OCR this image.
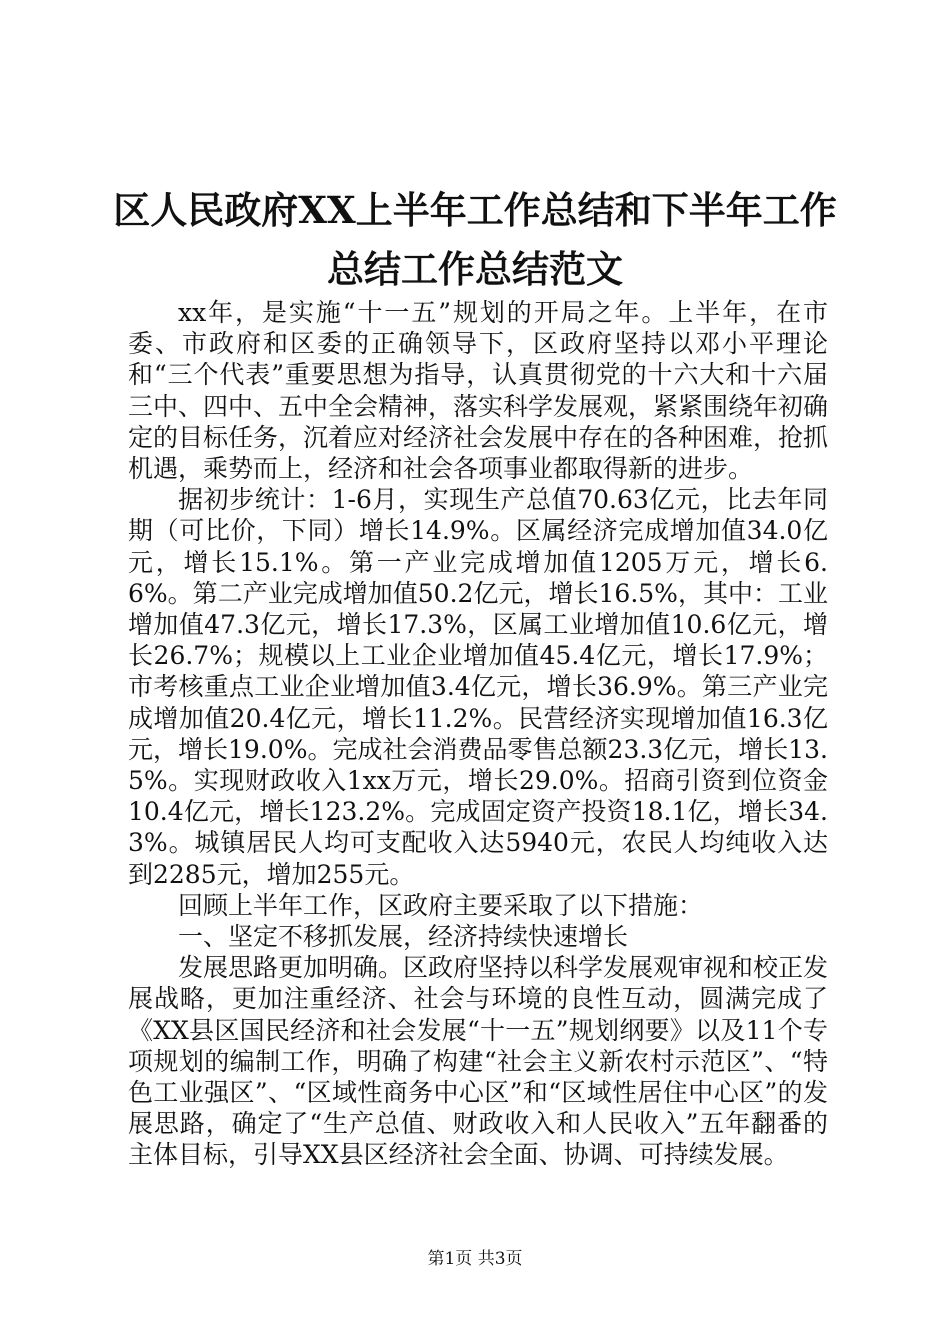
区人民政府XX上半年工作总结和下半年工作
总结工作总结范文

xx年，是实施“十一五”规划的开局之年。上半年，在市委、市政府和区委的正确领导下，区政府坚持以邓小平理论和“三个代表”重要思想为指导，认真贯彻党的十六大和十六届三中、四中、五中全会精神，落实科学发展观，紧紧围绕年初确定的目标任务，沉着应对经济社会发展中存在的各种困难，抢抓机遇，乘势而上，经济和社会各项事业都取得新的进步。

据初步统计：1-6月，实现生产总值70.63亿元，比去年同期（可比价，下同）增长14.9%。区属经济完成增加值34.0亿元，增长15.1%。第一产业完成增加值1205万元，增长6.6%。第二产业完成增加值50.2亿元，增长16.5%，其中：工业增加值47.3亿元，增长17.3%，区属工业增加值10.6亿元，增长26.7%；规模以上工业企业增加值45.4亿元，增长17.9%；市考核重点工业企业增加值3.4亿元，增长36.9%。第三产业完成增加值20.4亿元，增长11.2%。民营经济实现增加值16.3亿元，增长19.0%。完成社会消费品零售总额23.3亿元，增长13.5%。实现财政收入1xx万元，增长29.0%。招商引资到位资金10.4亿元，增长123.2%。完成固定资产投资18.1亿，增长34.3%。城镇居民人均可支配收入达5940元，农民人均纯收入达到2285元，增加255元。

回顾上半年工作，区政府主要采取了以下措施：

一、坚定不移抓发展，经济持续快速增长

发展思路更加明确。区政府坚持以科学发展观审视和校正发展战略，更加注重经济、社会与环境的良性互动，圆满完成了《XX县区国民经济和社会发展“十一五”规划纲要》以及11个专项规划的编制工作，明确了构建“社会主义新农村示范区”、“特色工业强区”、“区域性商务中心区”和“区域性居住中心区”的发展思路，确定了“生产总值、财政收入和人民收入”五年翻番的主体目标，引导XX县区经济社会全面、协调、可持续发展。

第1页 共3页
